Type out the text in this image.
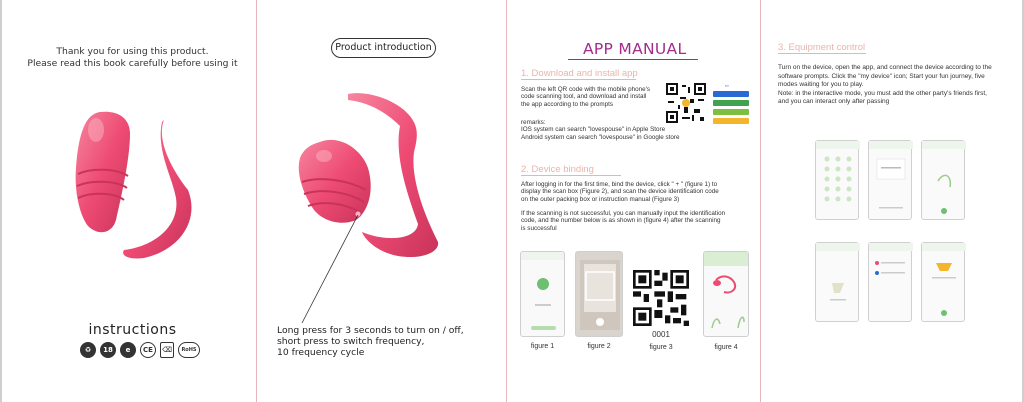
Thank you for using this product.
Please read this book carefully before using it
instructions
♻	18	e	CE	⌫	RoHS
Product introduction
Long press for 3 seconds to turn on / off,
short press to switch frequency,
10 frequency cycle
APP MANUAL
1. Download and install app
Scan the left QR code with the mobile phone's
code scanning tool, and download and install
the app according to the prompts
remarks:
IOS system can search "lovespouse" in Apple Store
Android system can search "lovespouse" in Google store
▪▪▪
2. Device binding
After logging in for the first time, bind the device, click " + " (figure 1) to
display the scan box (Figure 2), and scan the device identification code
on the outer packing box or instruction manual (Figure 3)
If the scanning is not successful, you can manually input the identification
code, and the number below is as shown in (figure 4) after the scanning
is successful
figure 1	figure 2
0001
figure 3	figure 4
3. Equipment control
Turn on the device, open the app, and connect the device according to the
software prompts. Click the "my device" icon; Start your fun journey, five
modes waiting for you to play.
Note: in the interactive mode, you must add the other party's friends first,
and you can interact only after passing
